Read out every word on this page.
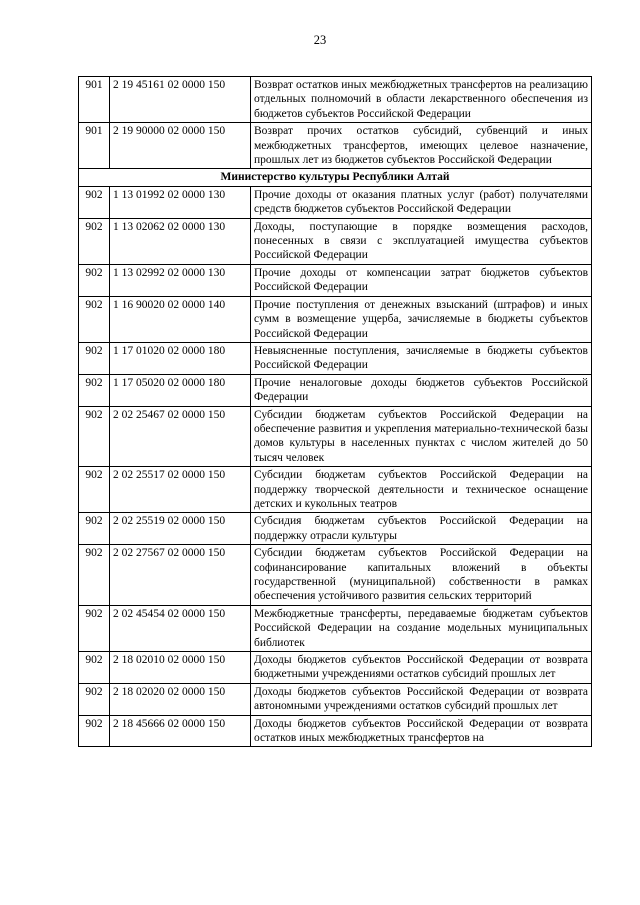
23
901	2 19 45161 02 0000 150	Возврат остатков иных межбюджетных трансфертов на реализацию отдельных полномочий в области лекарственного обеспечения из бюджетов субъектов Российской Федерации
901	2 19 90000 02 0000 150	Возврат прочих остатков субсидий, субвенций и иных межбюджетных трансфертов, имеющих целевое назначение, прошлых лет из бюджетов субъектов Российской Федерации
Министерство культуры Республики Алтай		
902	1 13 01992 02 0000 130	Прочие доходы от оказания платных услуг (работ) получателями средств бюджетов субъектов Российской Федерации
902	1 13 02062 02 0000 130	Доходы, поступающие в порядке возмещения расходов, понесенных в связи с эксплуатацией имущества субъектов Российской Федерации
902	1 13 02992 02 0000 130	Прочие доходы от компенсации затрат бюджетов субъектов Российской Федерации
902	1 16 90020 02 0000 140	Прочие поступления от денежных взысканий (штрафов) и иных сумм в возмещение ущерба, зачисляемые в бюджеты субъектов Российской Федерации
902	1 17 01020 02 0000 180	Невыясненные поступления, зачисляемые в бюджеты субъектов Российской Федерации
902	1 17 05020 02 0000 180	Прочие неналоговые доходы бюджетов субъектов Российской Федерации
902	2 02 25467 02 0000 150	Субсидии бюджетам субъектов Российской Федерации на обеспечение развития и укрепления материально-технической базы домов культуры в населенных пунктах с числом жителей до 50 тысяч человек
902	2 02 25517 02 0000 150	Субсидии бюджетам субъектов Российской Федерации на поддержку творческой деятельности и техническое оснащение детских и кукольных театров
902	2 02 25519 02 0000 150	Субсидия бюджетам субъектов Российской Федерации на поддержку отрасли культуры
902	2 02 27567 02 0000 150	Субсидии бюджетам субъектов Российской Федерации на софинансирование капитальных вложений в объекты государственной (муниципальной) собственности в рамках обеспечения устойчивого развития сельских территорий
902	2 02 45454 02 0000 150	Межбюджетные трансферты, передаваемые бюджетам субъектов Российской Федерации на создание модельных муниципальных библиотек
902	2 18 02010 02 0000 150	Доходы бюджетов субъектов Российской Федерации от возврата бюджетными учреждениями остатков субсидий прошлых лет
902	2 18 02020 02 0000 150	Доходы бюджетов субъектов Российской Федерации от возврата автономными учреждениями остатков субсидий прошлых лет
902	2 18 45666 02 0000 150	Доходы бюджетов субъектов Российской Федерации от возврата остатков иных межбюджетных трансфертов на
